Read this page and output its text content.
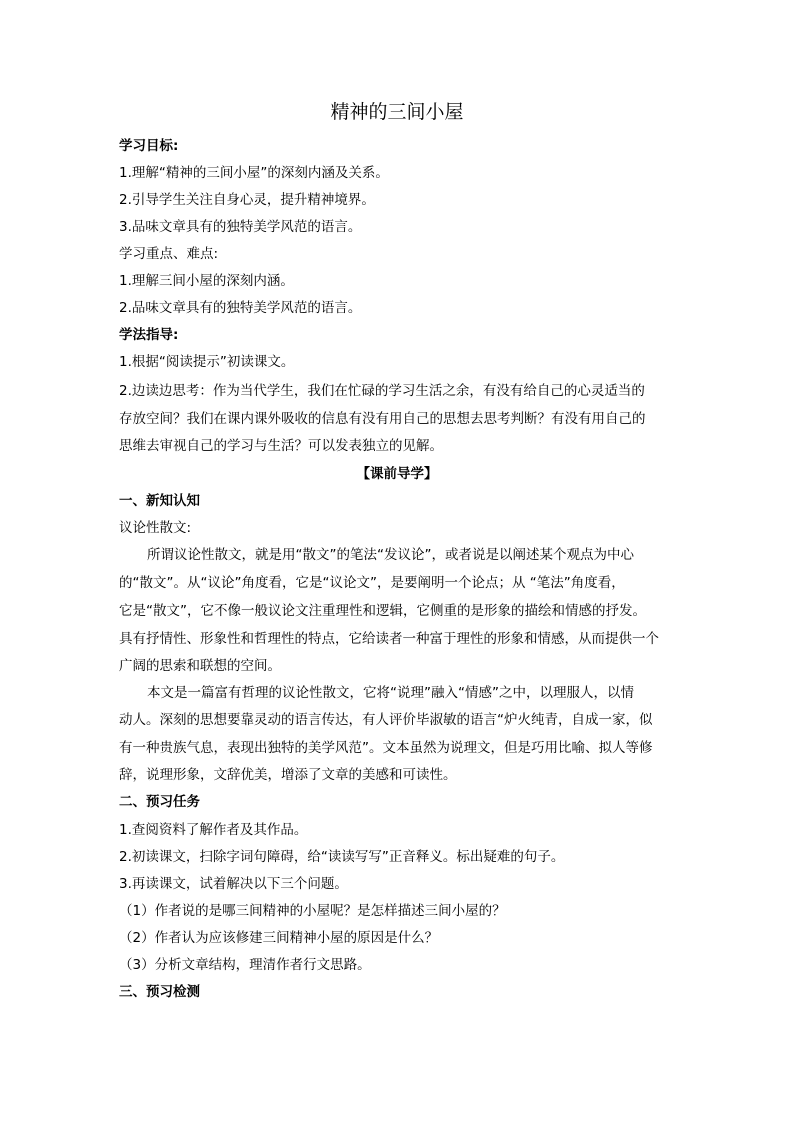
精神的三间小屋

学习目标:

1.理解“精神的三间小屋”的深刻内涵及关系。

2.引导学生关注自身心灵，提升精神境界。

3.品味文章具有的独特美学风范的语言。

学习重点、难点:

1.理解三间小屋的深刻内涵。

2.品味文章具有的独特美学风范的语言。

学法指导:

1.根据“阅读提示”初读课文。

2.边读边思考：作为当代学生，我们在忙碌的学习生活之余，有没有给自己的心灵适当的

存放空间？我们在课内课外吸收的信息有没有用自己的思想去思考判断？有没有用自己的

思维去审视自己的学习与生活？可以发表独立的见解。

【课前导学】

一、新知认知

议论性散文:

所谓议论性散文，就是用“散文”的笔法“发议论”，或者说是以阐述某个观点为中心

的“散文”。从“议论”角度看，它是“议论文”，是要阐明一个论点；从 “笔法”角度看，

它是“散文”，它不像一般议论文注重理性和逻辑，它侧重的是形象的描绘和情感的抒发。

具有抒情性、形象性和哲理性的特点，它给读者一种富于理性的形象和情感，从而提供一个

广阔的思索和联想的空间。

本文是一篇富有哲理的议论性散文，它将“说理”融入“情感”之中，以理服人，以情

动人。深刻的思想要靠灵动的语言传达，有人评价毕淑敏的语言“炉火纯青，自成一家，似

有一种贵族气息，表现出独特的美学风范”。文本虽然为说理文，但是巧用比喻、拟人等修

辞，说理形象，文辞优美，增添了文章的美感和可读性。

二、预习任务

1.查阅资料了解作者及其作品。

2.初读课文，扫除字词句障碍，给“读读写写”正音释义。标出疑难的句子。

3.再读课文，试着解决以下三个问题。

（1）作者说的是哪三间精神的小屋呢？是怎样描述三间小屋的？

（2）作者认为应该修建三间精神小屋的原因是什么？

（3）分析文章结构，理清作者行文思路。

三、预习检测
